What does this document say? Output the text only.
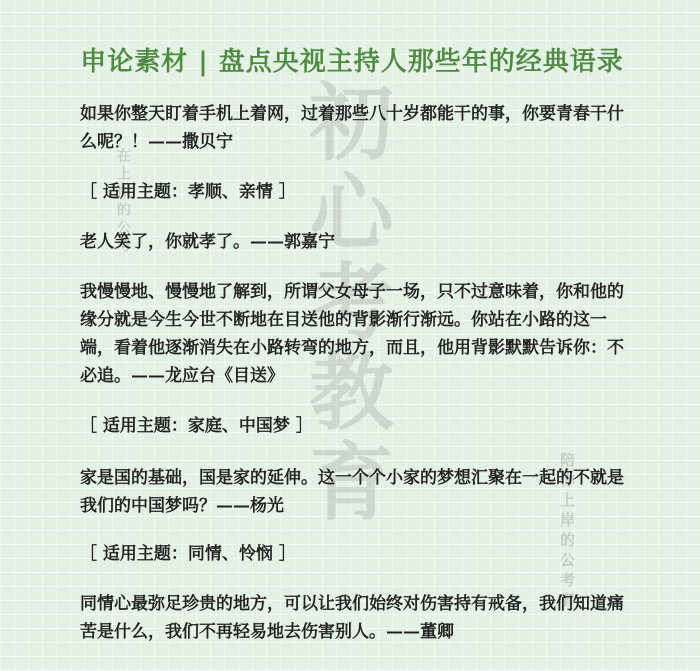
初心考教育
在上岸的公考
陪你上岸的公考者
申论素材 | 盘点央视主持人那些年的经典语录

如果你整天盯着手机上着网，过着那些八十岁都能干的事，你要青春干什么呢？！——撒贝宁

［ 适用主题：孝顺、亲情 ］

老人笑了，你就孝了。——郭嘉宁

我慢慢地、慢慢地了解到，所谓父女母子一场，只不过意味着，你和他的缘分就是今生今世不断地在目送他的背影渐行渐远。你站在小路的这一端，看着他逐渐消失在小路转弯的地方，而且，他用背影默默告诉你：不必追。——龙应台《目送》

［ 适用主题：家庭、中国梦 ］

家是国的基础，国是家的延伸。这一个个小家的梦想汇聚在一起的不就是我们的中国梦吗？——杨光

［ 适用主题：同情、怜悯 ］

同情心最弥足珍贵的地方，可以让我们始终对伤害持有戒备，我们知道痛苦是什么，我们不再轻易地去伤害别人。——董卿
